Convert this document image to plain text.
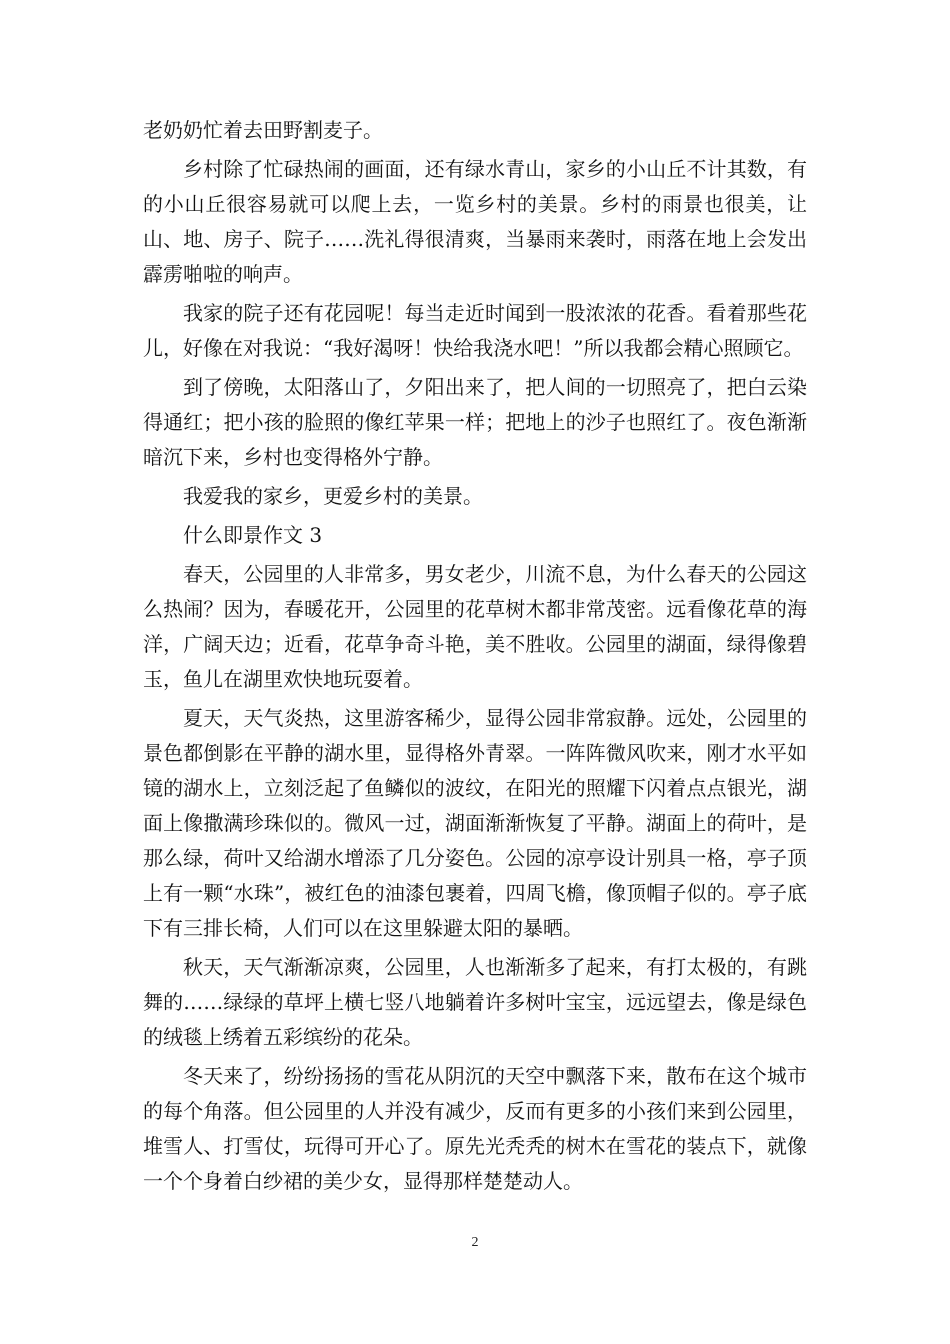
老奶奶忙着去田野割麦子。

乡村除了忙碌热闹的画面，还有绿水青山，家乡的小山丘不计其数，有的小山丘很容易就可以爬上去，一览乡村的美景。乡村的雨景也很美，让山、地、房子、院子……洗礼得很清爽，当暴雨来袭时，雨落在地上会发出霹雳啪啦的响声。

我家的院子还有花园呢！每当走近时闻到一股浓浓的花香。看着那些花儿，好像在对我说：“我好渴呀！快给我浇水吧！”所以我都会精心照顾它。

到了傍晚，太阳落山了，夕阳出来了，把人间的一切照亮了，把白云染得通红；把小孩的脸照的像红苹果一样；把地上的沙子也照红了。夜色渐渐暗沉下来，乡村也变得格外宁静。

我爱我的家乡，更爱乡村的美景。

什么即景作文 3

春天，公园里的人非常多，男女老少，川流不息，为什么春天的公园这么热闹？因为，春暖花开，公园里的花草树木都非常茂密。远看像花草的海洋，广阔天边；近看，花草争奇斗艳，美不胜收。公园里的湖面，绿得像碧玉，鱼儿在湖里欢快地玩耍着。

夏天，天气炎热，这里游客稀少，显得公园非常寂静。远处，公园里的景色都倒影在平静的湖水里，显得格外青翠。一阵阵微风吹来，刚才水平如镜的湖水上，立刻泛起了鱼鳞似的波纹，在阳光的照耀下闪着点点银光，湖面上像撒满珍珠似的。微风一过，湖面渐渐恢复了平静。湖面上的荷叶，是那么绿，荷叶又给湖水增添了几分姿色。公园的凉亭设计别具一格，亭子顶上有一颗“水珠”，被红色的油漆包裹着，四周飞檐，像顶帽子似的。亭子底下有三排长椅，人们可以在这里躲避太阳的暴晒。

秋天，天气渐渐凉爽，公园里，人也渐渐多了起来，有打太极的，有跳舞的……绿绿的草坪上横七竖八地躺着许多树叶宝宝，远远望去，像是绿色的绒毯上绣着五彩缤纷的花朵。

冬天来了，纷纷扬扬的雪花从阴沉的天空中飘落下来，散布在这个城市的每个角落。但公园里的人并没有减少，反而有更多的小孩们来到公园里，堆雪人、打雪仗，玩得可开心了。原先光秃秃的树木在雪花的装点下，就像一个个身着白纱裙的美少女，显得那样楚楚动人。

2
